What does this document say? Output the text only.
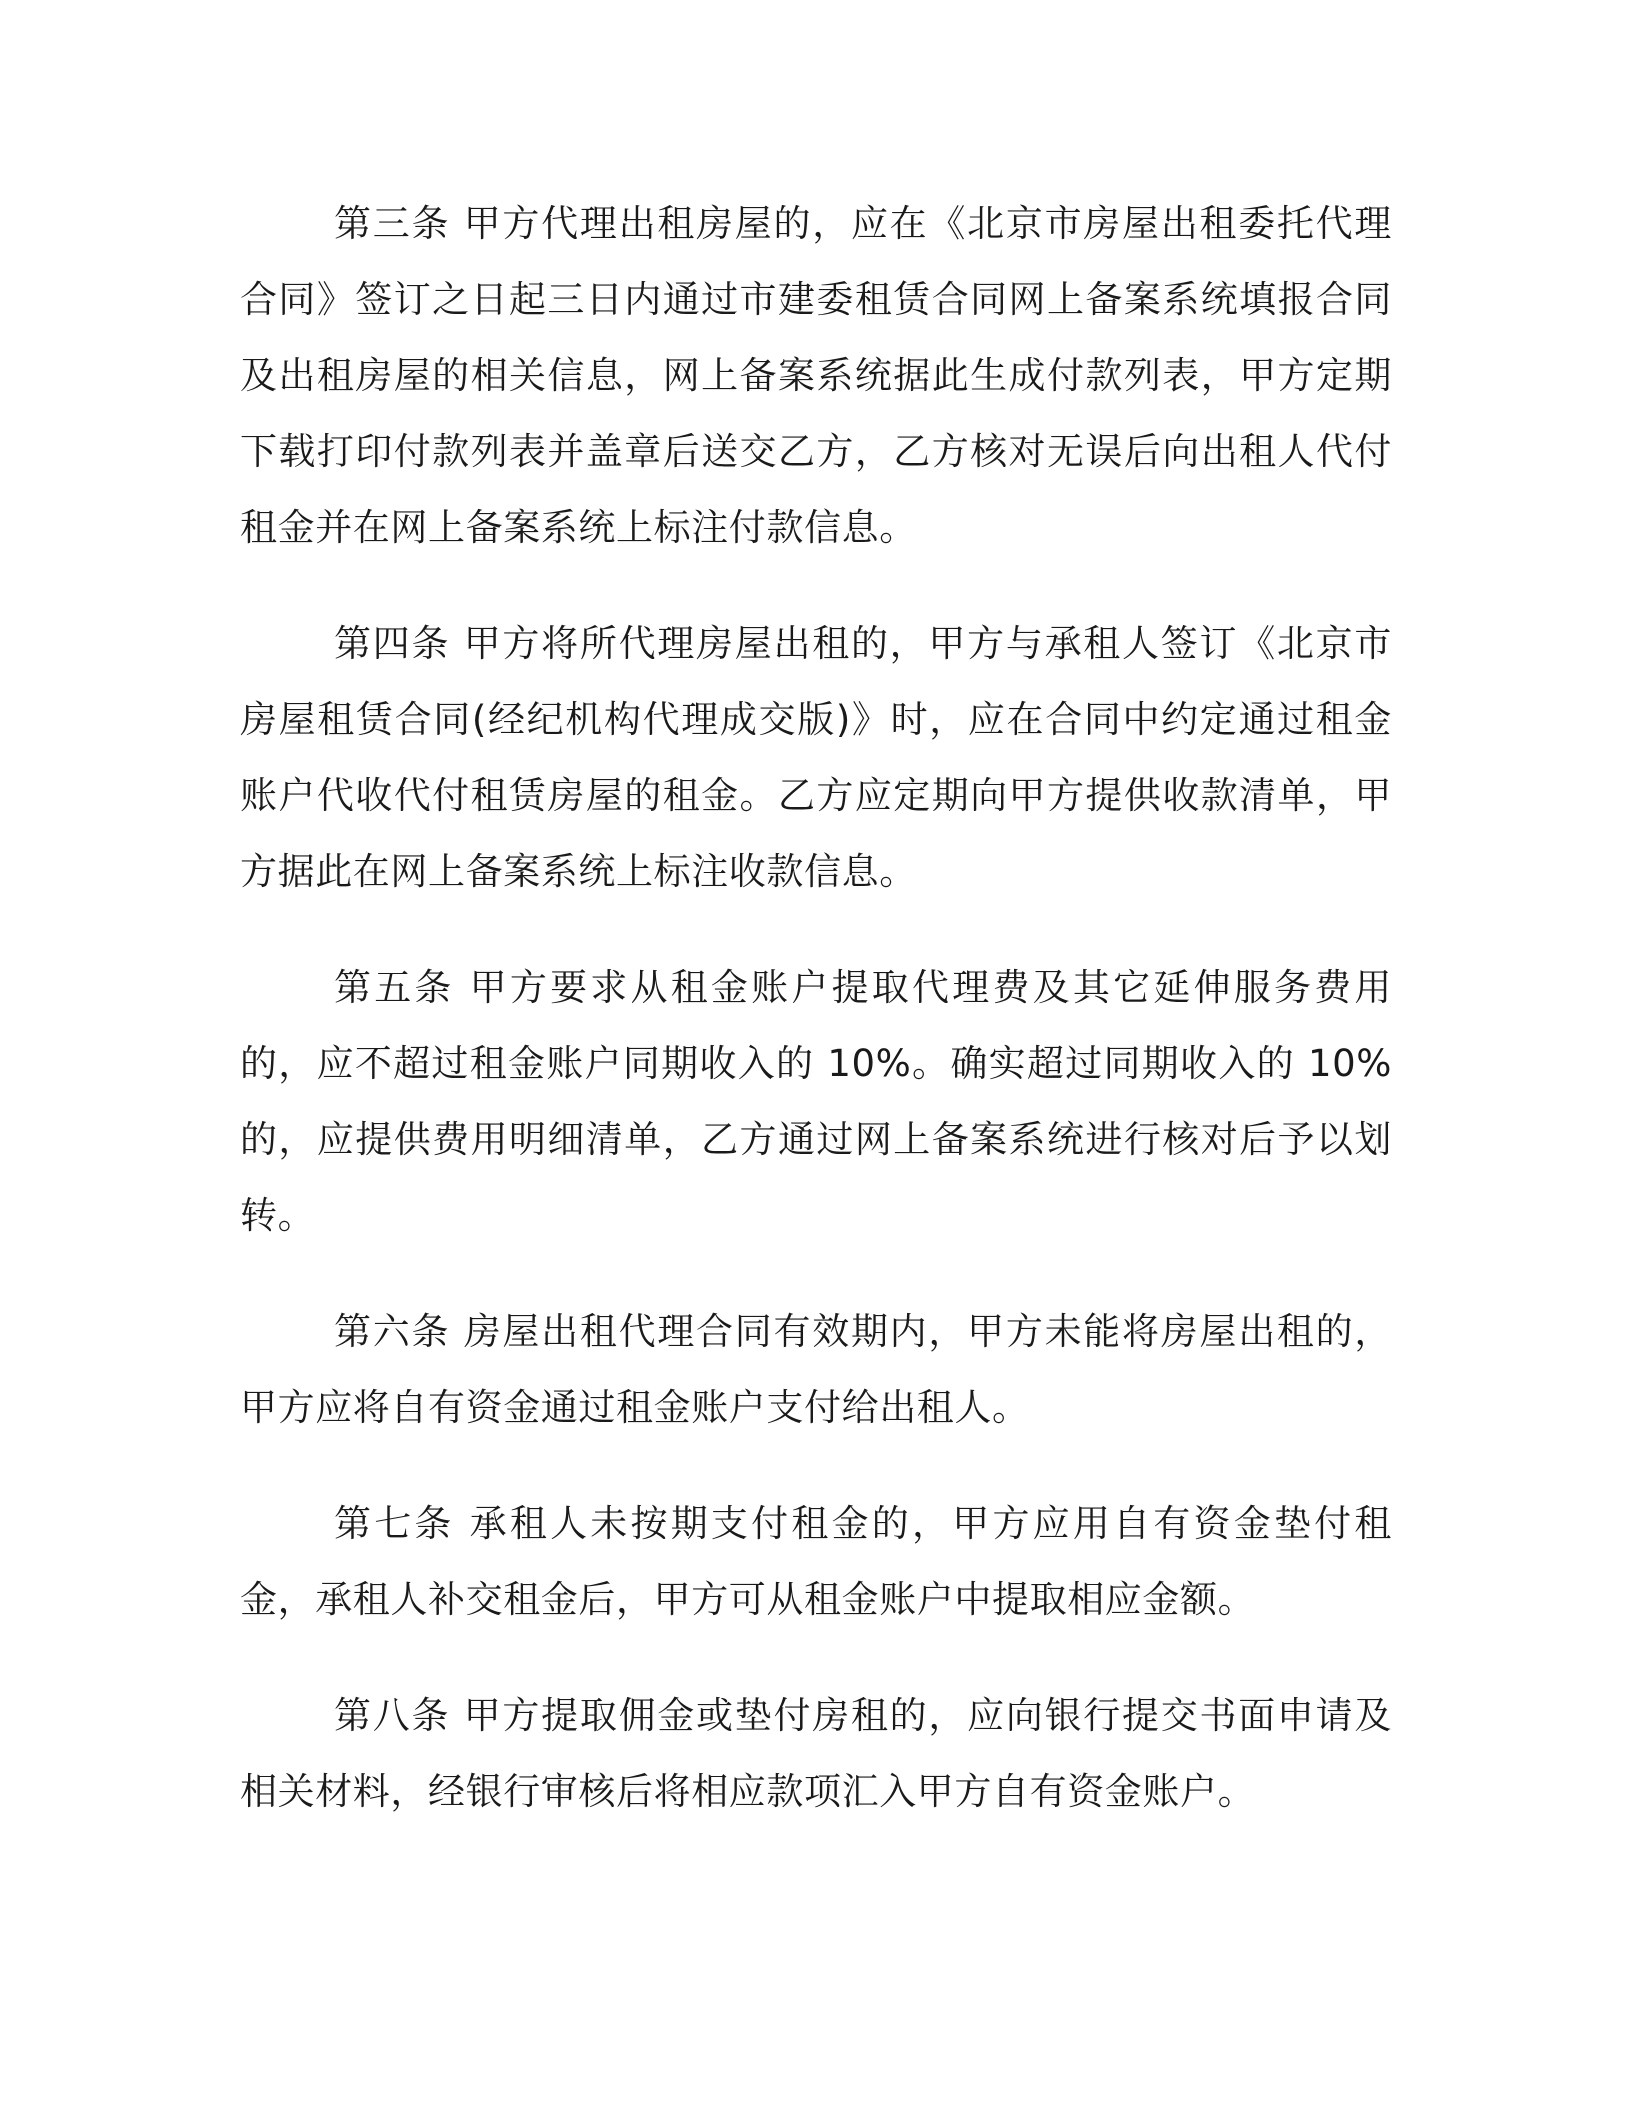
第三条 甲方代理出租房屋的，应在《北京市房屋出租委托代理合同》签订之日起三日内通过市建委租赁合同网上备案系统填报合同及出租房屋的相关信息，网上备案系统据此生成付款列表，甲方定期下载打印付款列表并盖章后送交乙方，乙方核对无误后向出租人代付租金并在网上备案系统上标注付款信息。

第四条 甲方将所代理房屋出租的，甲方与承租人签订《北京市房屋租赁合同(经纪机构代理成交版)》时，应在合同中约定通过租金账户代收代付租赁房屋的租金。乙方应定期向甲方提供收款清单，甲方据此在网上备案系统上标注收款信息。

第五条 甲方要求从租金账户提取代理费及其它延伸服务费用的，应不超过租金账户同期收入的 10%。确实超过同期收入的 10%的，应提供费用明细清单，乙方通过网上备案系统进行核对后予以划转。

第六条 房屋出租代理合同有效期内，甲方未能将房屋出租的，甲方应将自有资金通过租金账户支付给出租人。

第七条 承租人未按期支付租金的，甲方应用自有资金垫付租金，承租人补交租金后，甲方可从租金账户中提取相应金额。

第八条 甲方提取佣金或垫付房租的，应向银行提交书面申请及相关材料，经银行审核后将相应款项汇入甲方自有资金账户。
